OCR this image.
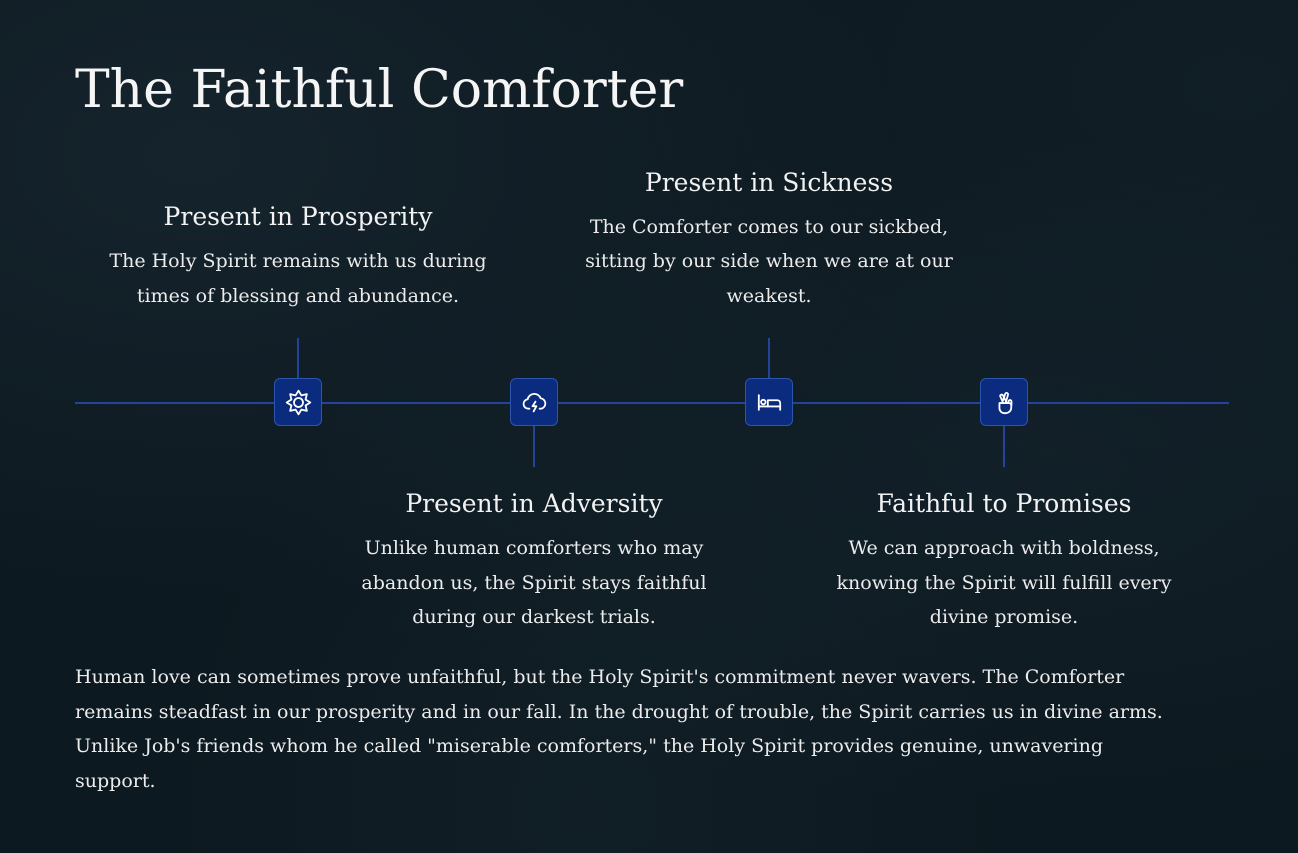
The Faithful Comforter
Present in Prosperity
The Holy Spirit remains with us during
times of blessing and abundance.
Present in Adversity
Unlike human comforters who may
abandon us, the Spirit stays faithful
during our darkest trials.
Present in Sickness
The Comforter comes to our sickbed,
sitting by our side when we are at our
weakest.
Faithful to Promises
We can approach with boldness,
knowing the Spirit will fulfill every
divine promise.
Human love can sometimes prove unfaithful, but the Holy Spirit's commitment never wavers. The Comforter
remains steadfast in our prosperity and in our fall. In the drought of trouble, the Spirit carries us in divine arms.
Unlike Job's friends whom he called "miserable comforters," the Holy Spirit provides genuine, unwavering
support.
